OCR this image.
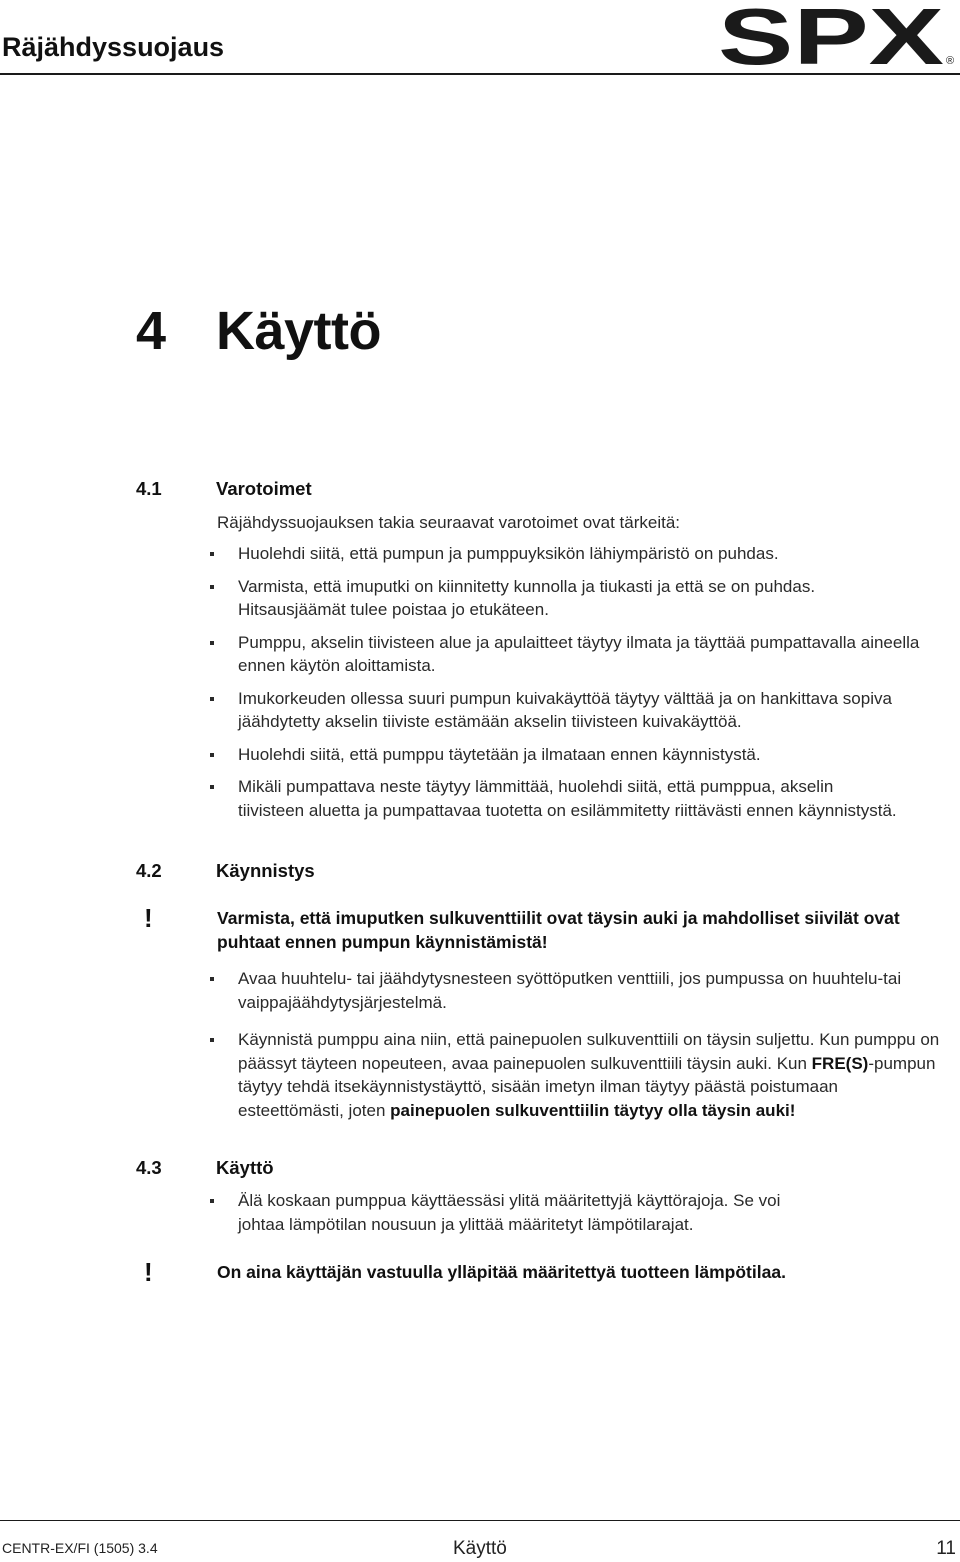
Räjähdyssuojaus	SPX ®
4 Käyttö
4.1	Varotoimet
Räjähdyssuojauksen takia seuraavat varotoimet ovat tärkeitä:
Huolehdi siitä, että pumpun ja pumppuyksikön lähiympäristö on puhdas.
Varmista, että imuputki on kiinnitetty kunnolla ja tiukasti ja että se on puhdas. Hitsausjäämät tulee poistaa jo etukäteen.
Pumppu, akselin tiivisteen alue ja apulaitteet täytyy ilmata ja täyttää pumpattavalla aineella ennen käytön aloittamista.
Imukorkeuden ollessa suuri pumpun kuivakäyttöä täytyy välttää ja on hankittava sopiva jäähdytetty akselin tiiviste estämään akselin tiivisteen kuivakäyttöä.
Huolehdi siitä, että pumppu täytetään ja ilmataan ennen käynnistystä.
Mikäli pumpattava neste täytyy lämmittää, huolehdi siitä, että pumppua, akselin tiivisteen aluetta ja pumpattavaa tuotetta on esilämmitetty riittävästi ennen käynnistystä.
4.2	Käynnistys
!	Varmista, että imuputken sulkuventtiilit ovat täysin auki ja mahdolliset siivilät ovat puhtaat ennen pumpun käynnistämistä!
Avaa huuhtelu- tai jäähdytysnesteen syöttöputken venttiili, jos pumpussa on huuhtelu-tai vaippajäähdytysjärjestelmä.
Käynnistä pumppu aina niin, että painepuolen sulkuventtiili on täysin suljettu. Kun pumppu on päässyt täyteen nopeuteen, avaa painepuolen sulkuventtiili täysin auki. Kun FRE(S)-pumpun täytyy tehdä itsekäynnistystäyttö, sisään imetyn ilman täytyy päästä poistumaan esteettömästi, joten painepuolen sulkuventtiilin täytyy olla täysin auki!
4.3	Käyttö
Älä koskaan pumppua käyttäessäsi ylitä määritettyjä käyttörajoja. Se voi johtaa lämpötilan nousuun ja ylittää määritetyt lämpötilarajat.
!	On aina käyttäjän vastuulla ylläpitää määritettyä tuotteen lämpötilaa.
CENTR-EX/FI (1505) 3.4	Käyttö	11
